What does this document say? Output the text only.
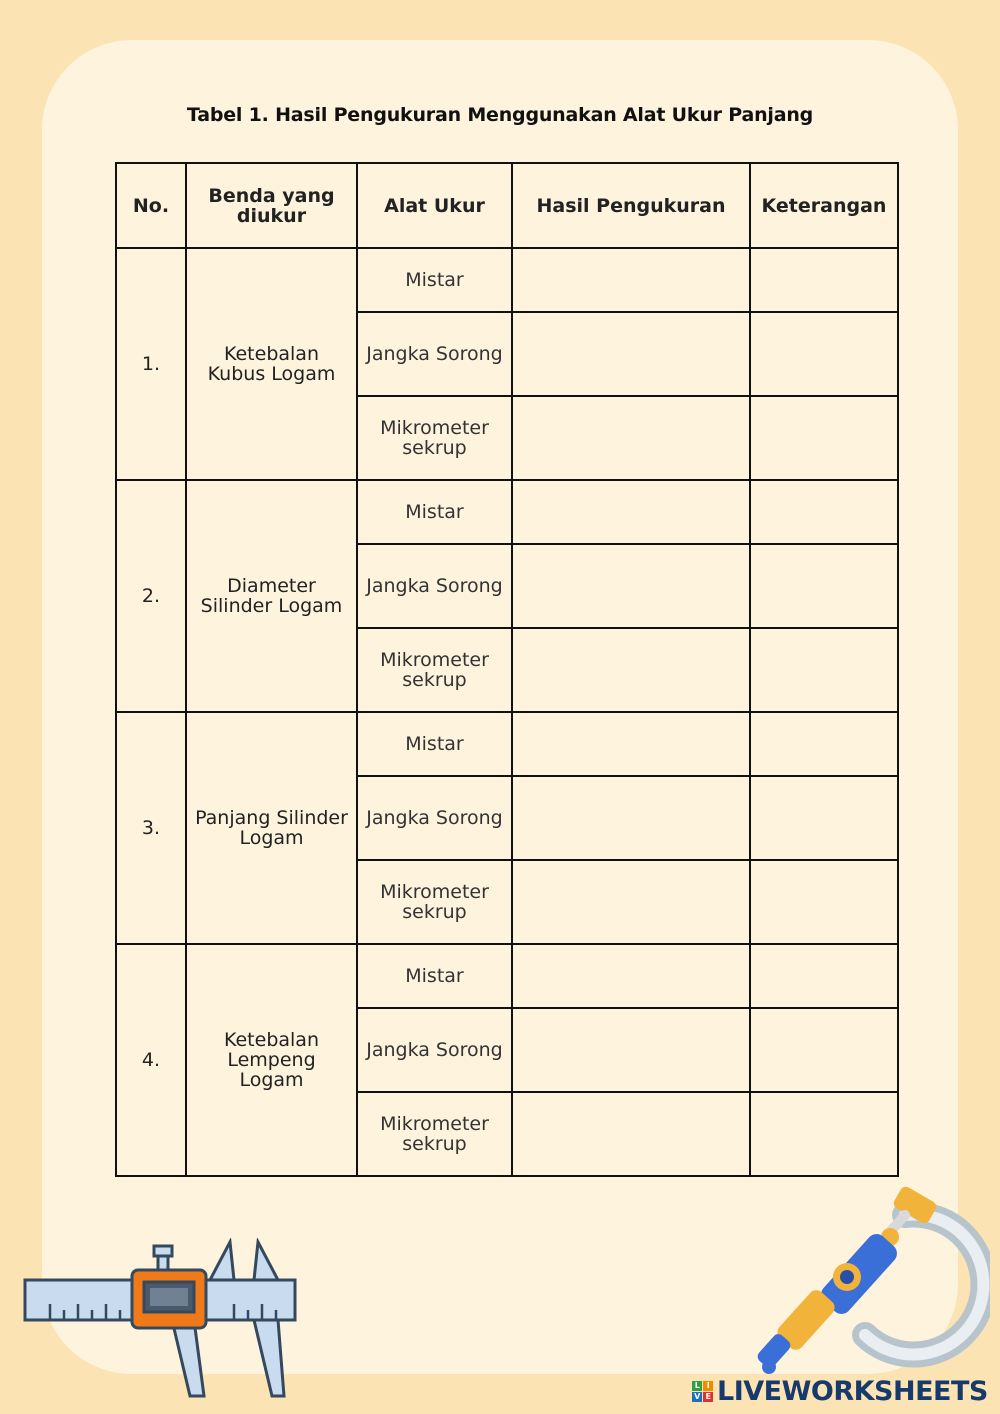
Tabel 1. Hasil Pengukuran Menggunakan Alat Ukur Panjang
No.	Benda yang diukur	Alat Ukur	Hasil Pengukuran	Keterangan
1.	Ketebalan Kubus Logam	Mistar		
		Jangka Sorong		
		Mikrometer sekrup		
2.	Diameter Silinder Logam	Mistar		
		Jangka Sorong		
		Mikrometer sekrup		
3.	Panjang Silinder Logam	Mistar		
		Jangka Sorong		
		Mikrometer sekrup		
4.	Ketebalan Lempeng Logam	Mistar		
		Jangka Sorong		
		Mikrometer sekrup		
L I
V E LIVEWORKSHEETS
